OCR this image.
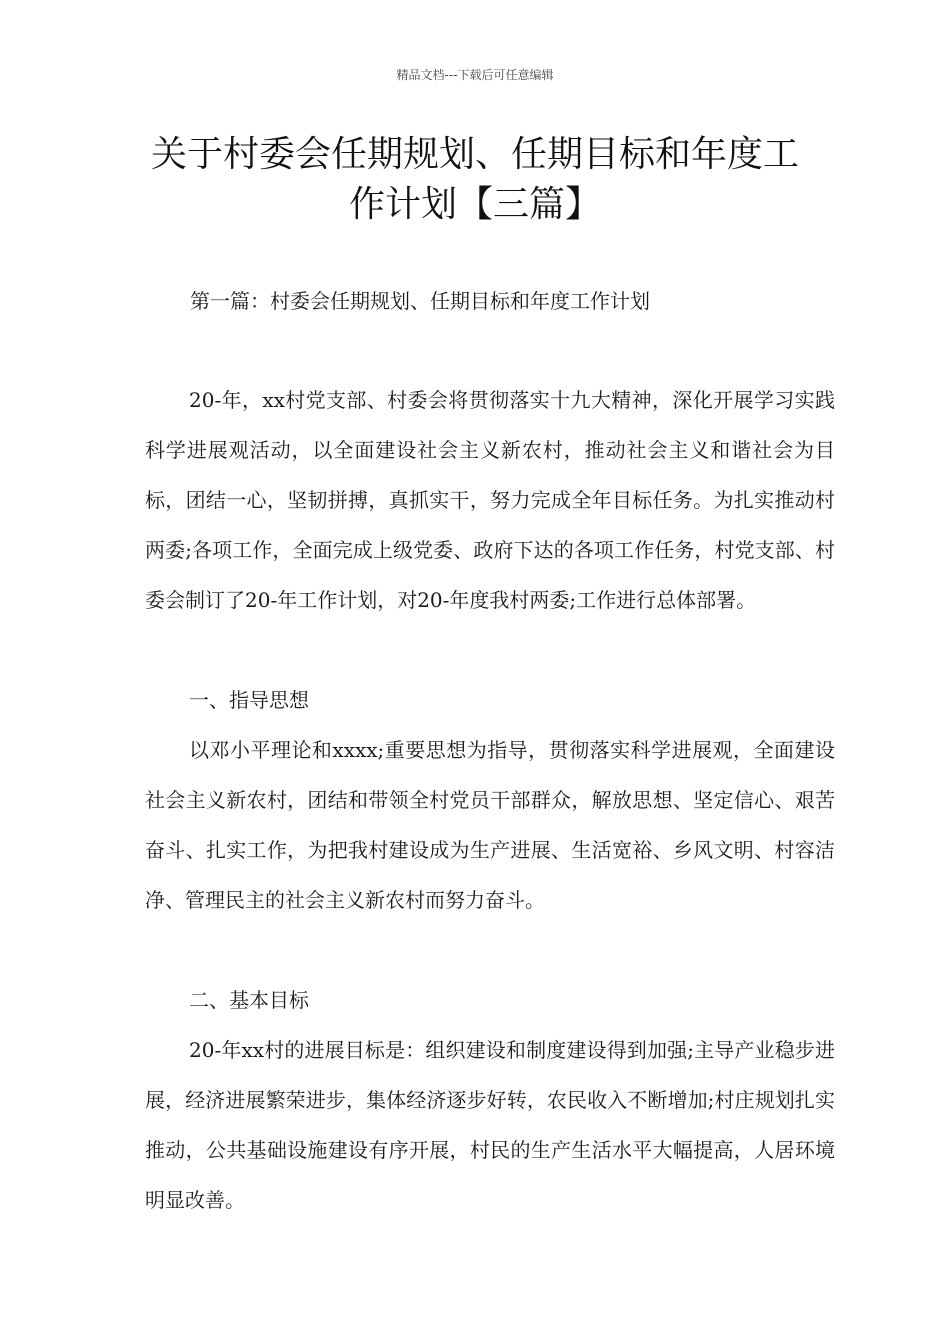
精品文档---下载后可任意编辑
关于村委会任期规划、任期目标和年度工作计划【三篇】

第一篇：村委会任期规划、任期目标和年度工作计划

20-年，xx村党支部、村委会将贯彻落实十九大精神，深化开展学习实践科学进展观活动，以全面建设社会主义新农村，推动社会主义和谐社会为目标，团结一心，坚韧拼搏，真抓实干，努力完成全年目标任务。为扎实推动村两委;各项工作，全面完成上级党委、政府下达的各项工作任务，村党支部、村委会制订了20-年工作计划，对20-年度我村两委;工作进行总体部署。

一、指导思想

以邓小平理论和xxxx;重要思想为指导，贯彻落实科学进展观，全面建设社会主义新农村，团结和带领全村党员干部群众，解放思想、坚定信心、艰苦奋斗、扎实工作，为把我村建设成为生产进展、生活宽裕、乡风文明、村容洁净、管理民主的社会主义新农村而努力奋斗。

二、基本目标

20-年xx村的进展目标是：组织建设和制度建设得到加强;主导产业稳步进展，经济进展繁荣进步，集体经济逐步好转，农民收入不断增加;村庄规划扎实推动，公共基础设施建设有序开展，村民的生产生活水平大幅提高，人居环境明显改善。
